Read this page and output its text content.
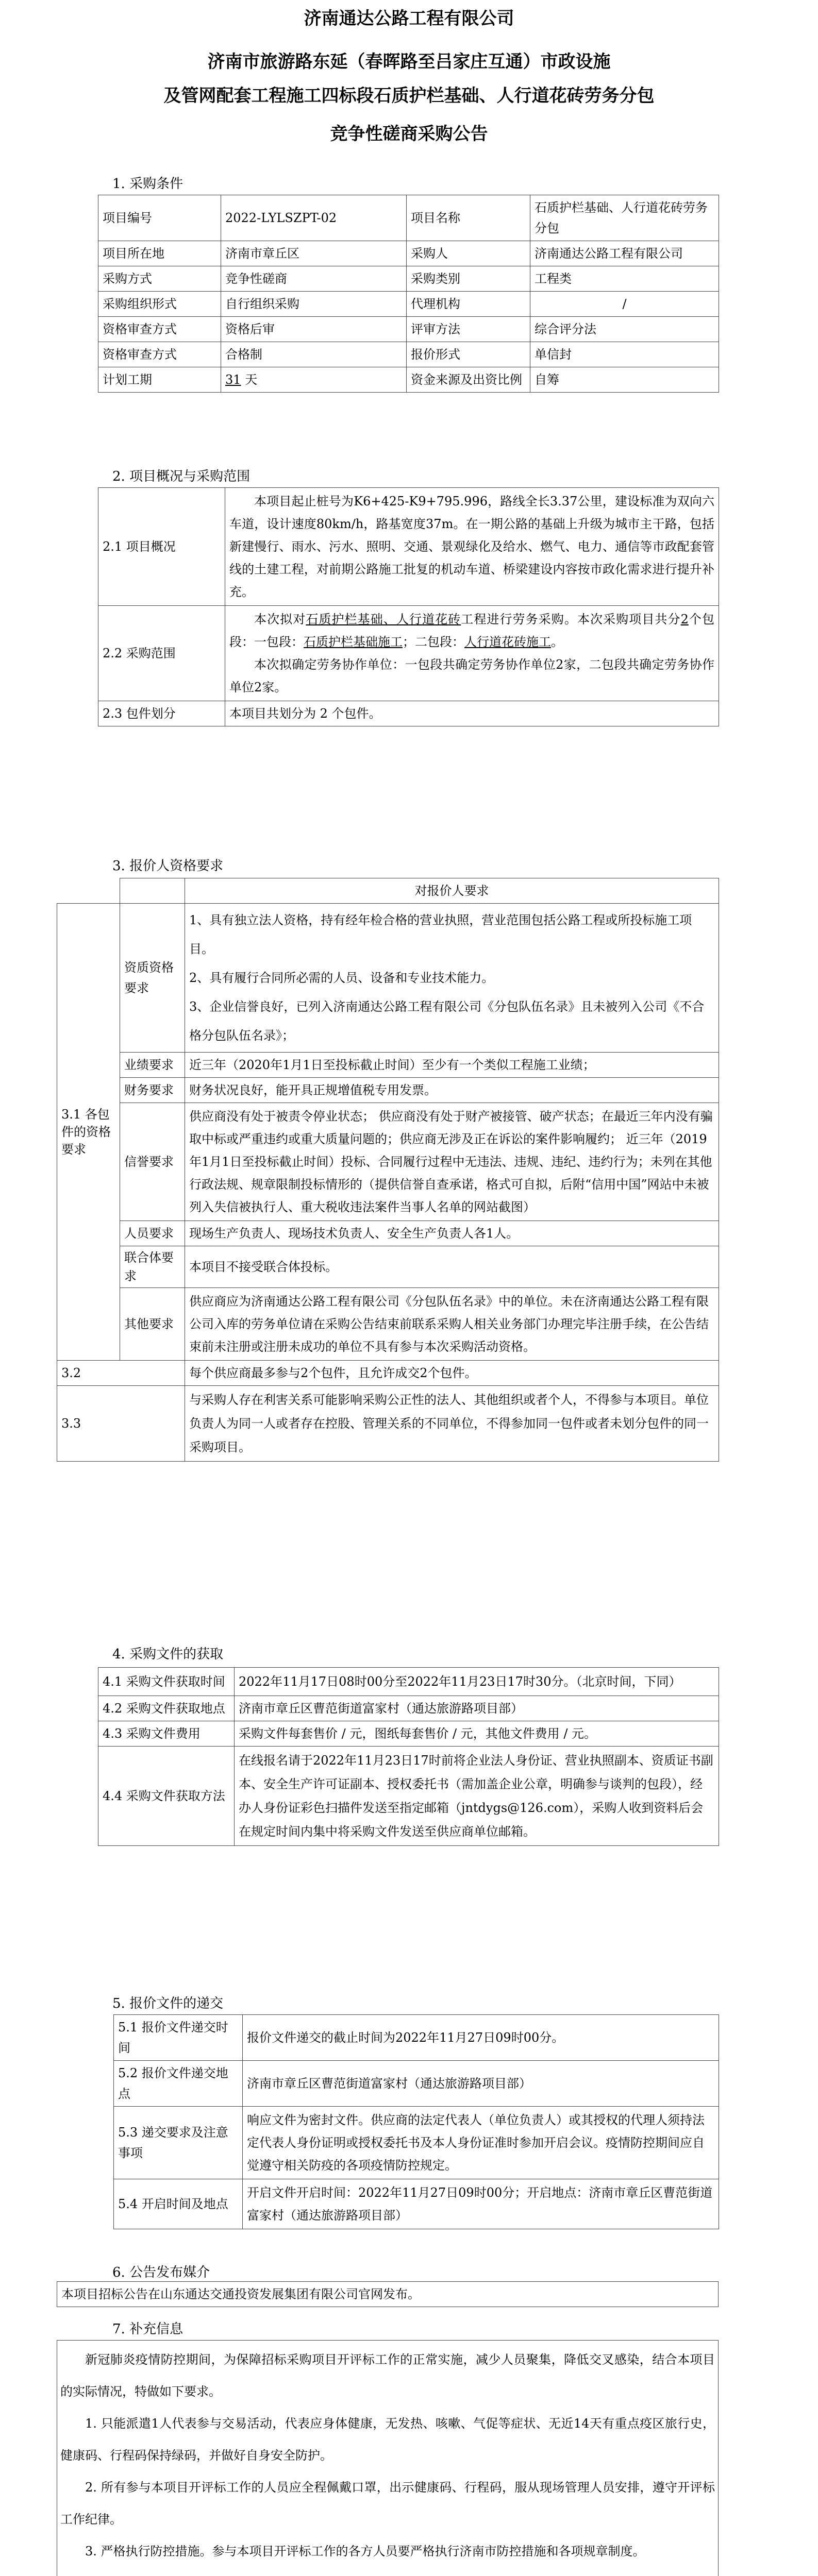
济南通达公路工程有限公司
济南市旅游路东延（春晖路至吕家庄互通）市政设施
及管网配套工程施工四标段石质护栏基础、人行道花砖劳务分包
竞争性磋商采购公告
1. 采购条件
项目编号	2022-LYLSZPT-02	项目名称	石质护栏基础、人行道花砖劳务分包
项目所在地	济南市章丘区	采购人	济南通达公路工程有限公司
采购方式	竞争性磋商	采购类别	工程类
采购组织形式	自行组织采购	代理机构	/
资格审查方式	资格后审	评审方法	综合评分法
资格审查方式	合格制	报价形式	单信封
计划工期	31 天	资金来源及出资比例	自筹
2. 项目概况与采购范围
2.1 项目概况	本项目起止桩号为K6+425-K9+795.996，路线全长3.37公里，建设标准为双向六车道，设计速度80km/h，路基宽度37m。在一期公路的基础上升级为城市主干路，包括新建慢行、雨水、污水、照明、交通、景观绿化及给水、燃气、电力、通信等市政配套管线的土建工程，对前期公路施工批复的机动车道、桥梁建设内容按市政化需求进行提升补充。
2.2 采购范围	本次拟对石质护栏基础、人行道花砖工程进行劳务采购。本次采购项目共分2个包段：一包段：石质护栏基础施工；二包段：人行道花砖施工。
本次拟确定劳务协作单位：一包段共确定劳务协作单位2家，二包段共确定劳务协作单位2家。

2.3 包件划分	本项目共划分为 2 个包件。
3. 报价人资格要求
		对报价人要求
3.1 各包件的资格要求	资质资格要求	1、具有独立法人资格，持有经年检合格的营业执照，营业范围包括公路工程或所投标施工项目。
2、具有履行合同所必需的人员、设备和专业技术能力。
3、企业信誉良好，已列入济南通达公路工程有限公司《分包队伍名录》且未被列入公司《不合格分包队伍名录》；

	业绩要求	近三年（2020年1月1日至投标截止时间）至少有一个类似工程施工业绩；
	财务要求	财务状况良好，能开具正规增值税专用发票。
	信誉要求	供应商没有处于被责令停业状态； 供应商没有处于财产被接管、破产状态；在最近三年内没有骗取中标或严重违约或重大质量问题的；供应商无涉及正在诉讼的案件影响履约； 近三年（2019年1月1日至投标截止时间）投标、合同履行过程中无违法、违规、违纪、违约行为；未列在其他行政法规、规章限制投标情形的（提供信誉自查承诺，格式可自拟，后附“信用中国”网站中未被列入失信被执行人、重大税收违法案件当事人名单的网站截图）
	人员要求	现场生产负责人、现场技术负责人、安全生产负责人各1人。
	联合体要求	本项目不接受联合体投标。
	其他要求	供应商应为济南通达公路工程有限公司《分包队伍名录》中的单位。未在济南通达公路工程有限公司入库的劳务单位请在采购公告结束前联系采购人相关业务部门办理完毕注册手续，在公告结束前未注册或注册未成功的单位不具有参与本次采购活动资格。
3.2		每个供应商最多参与2个包件，且允许成交2个包件。
3.3		与采购人存在利害关系可能影响采购公正性的法人、其他组织或者个人，不得参与本项目。单位负责人为同一人或者存在控股、管理关系的不同单位，不得参加同一包件或者未划分包件的同一采购项目。
4. 采购文件的获取
4.1 采购文件获取时间	2022年11月17日08时00分至2022年11月23日17时30分。（北京时间，下同）
4.2 采购文件获取地点	济南市章丘区曹范街道富家村（通达旅游路项目部）
4.3 采购文件费用	采购文件每套售价 / 元，图纸每套售价 / 元，其他文件费用 / 元。
4.4 采购文件获取方法	在线报名请于2022年11月23日17时前将企业法人身份证、营业执照副本、资质证书副本、安全生产许可证副本、授权委托书（需加盖企业公章，明确参与谈判的包段），经办人身份证彩色扫描件发送至指定邮箱（jntdygs@126.com），采购人收到资料后会在规定时间内集中将采购文件发送至供应商单位邮箱。
5. 报价文件的递交
5.1 报价文件递交时间	报价文件递交的截止时间为2022年11月27日09时00分。
5.2 报价文件递交地点	济南市章丘区曹范街道富家村（通达旅游路项目部）
5.3 递交要求及注意事项	响应文件为密封文件。供应商的法定代表人（单位负责人）或其授权的代理人须持法定代表人身份证明或授权委托书及本人身份证准时参加开启会议。疫情防控期间应自觉遵守相关防疫的各项疫情防控规定。
5.4 开启时间及地点	开启文件开启时间：2022年11月27日09时00分；开启地点：济南市章丘区曹范街道富家村（通达旅游路项目部）
6. 公告发布媒介
本项目招标公告在山东通达交通投资发展集团有限公司官网发布。
7. 补充信息

新冠肺炎疫情防控期间，为保障招标采购项目开评标工作的正常实施，减少人员聚集，降低交叉感染，结合本项目的实际情况，特做如下要求。

1. 只能派遣1人代表参与交易活动，代表应身体健康，无发热、咳嗽、气促等症状、无近14天有重点疫区旅行史，健康码、行程码保持绿码，并做好自身安全防护。

2. 所有参与本项目开评标工作的人员应全程佩戴口罩，出示健康码、行程码，服从现场管理人员安排，遵守开评标工作纪律。

3. 严格执行防控措施。参与本项目开评标工作的各方人员要严格执行济南市防控措施和各项规章制度。
